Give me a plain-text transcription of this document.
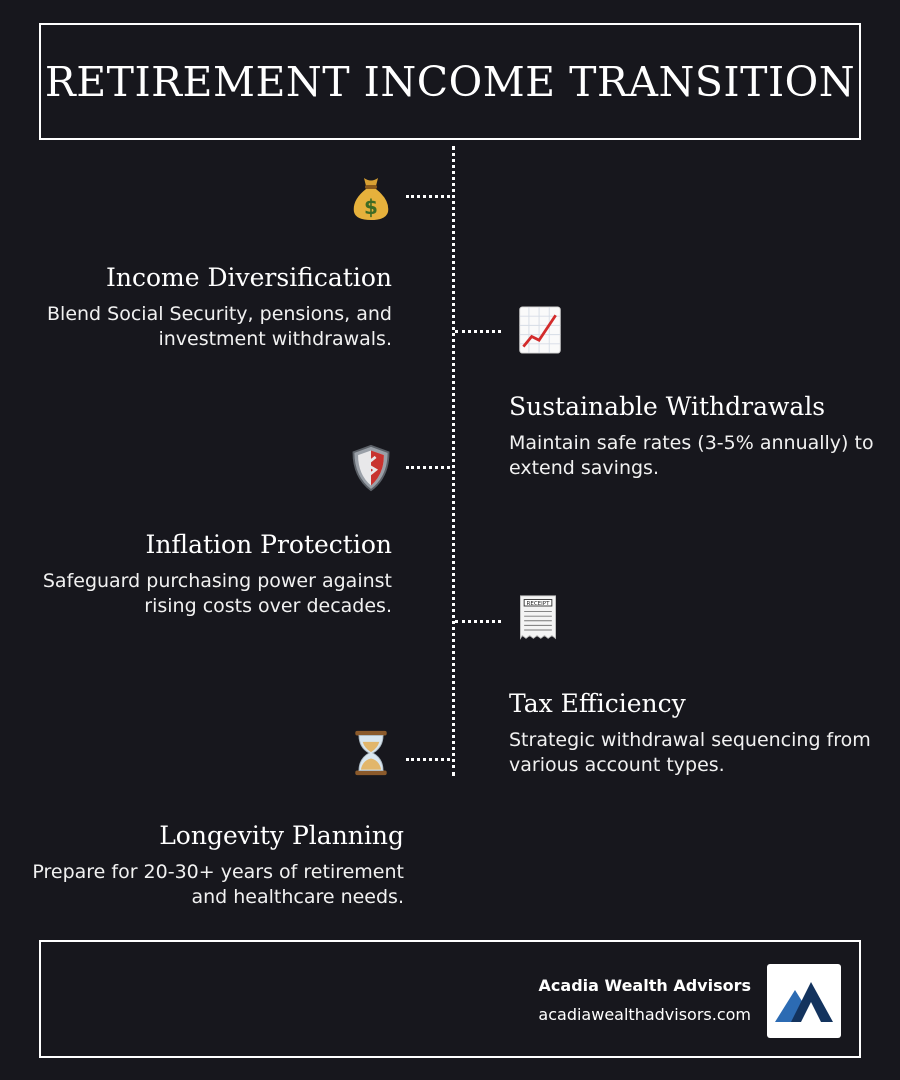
RETIREMENT INCOME TRANSITION
$
Income Diversification

Blend Social Security, pensions, and investment withdrawals.

Sustainable Withdrawals

Maintain safe rates (3-5% annually) to extend savings.

Inflation Protection

Safeguard purchasing power against rising costs over decades.	RECEIPT
Tax Efficiency

Strategic withdrawal sequencing from various account types.

Longevity Planning

Prepare for 20-30+ years of retirement and healthcare needs.

Acadia Wealth Advisors
acadiawealthadvisors.com
